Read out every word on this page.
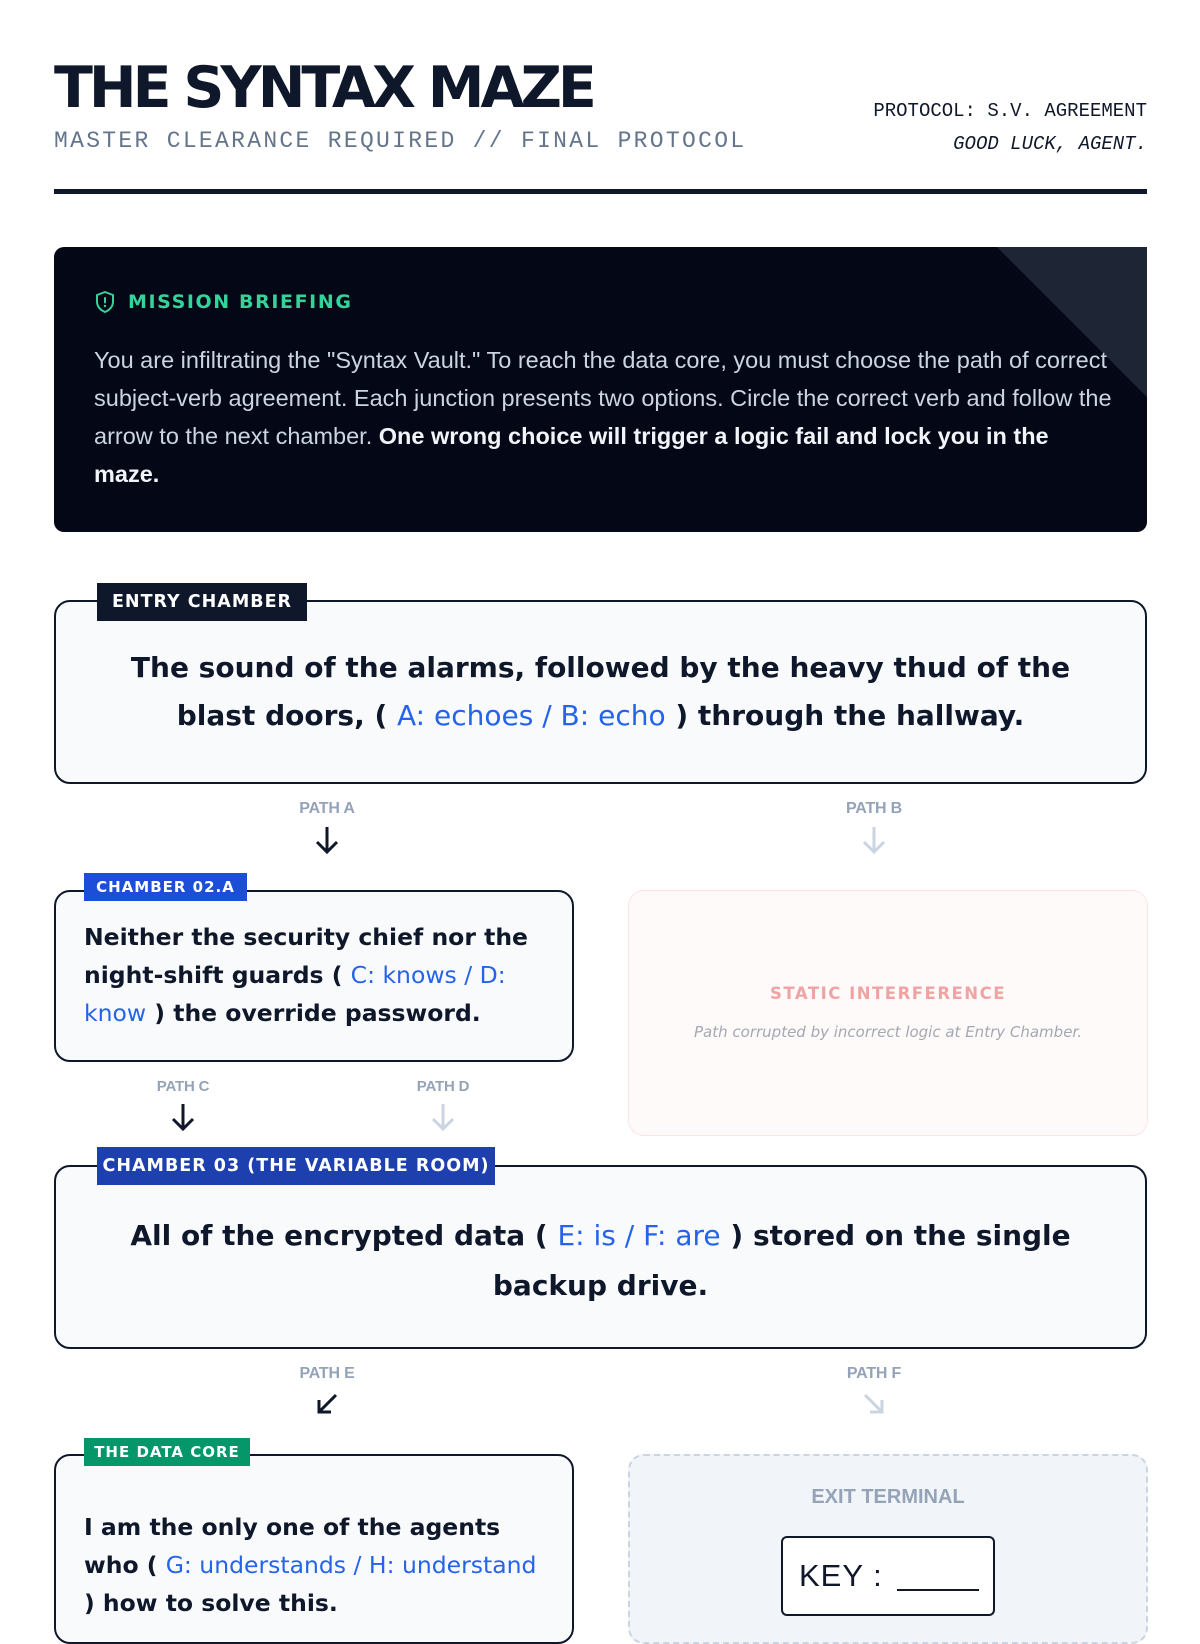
THE SYNTAX MAZE
MASTER CLEARANCE REQUIRED // FINAL PROTOCOL
PROTOCOL: S.V. AGREEMENT
GOOD LUCK, AGENT.
MISSION BRIEFING
You are infiltrating the "Syntax Vault." To reach the data core, you must choose the path of correct subject-verb agreement. Each junction presents two options. Circle the correct verb and follow the arrow to the next chamber. One wrong choice will trigger a logic fail and lock you in the maze.
The sound of the alarms, followed by the heavy thud of the blast doors, ( A: echoes / B: echo ) through the hallway.
ENTRY CHAMBER
PATH A	PATH B
Neither the security chief nor the night-shift guards ( C: knows / D: know ) the override password.
CHAMBER 02.A
STATIC INTERFERENCE
Path corrupted by incorrect logic at Entry Chamber.
PATH C	PATH D
All of the encrypted data ( E: is / F: are ) stored on the single backup drive.
CHAMBER 03 (THE VARIABLE ROOM)
PATH E	PATH F
I am the only one of the agents who ( G: understands / H: understand ) how to solve this.
THE DATA CORE
EXIT TERMINAL
KEY :
